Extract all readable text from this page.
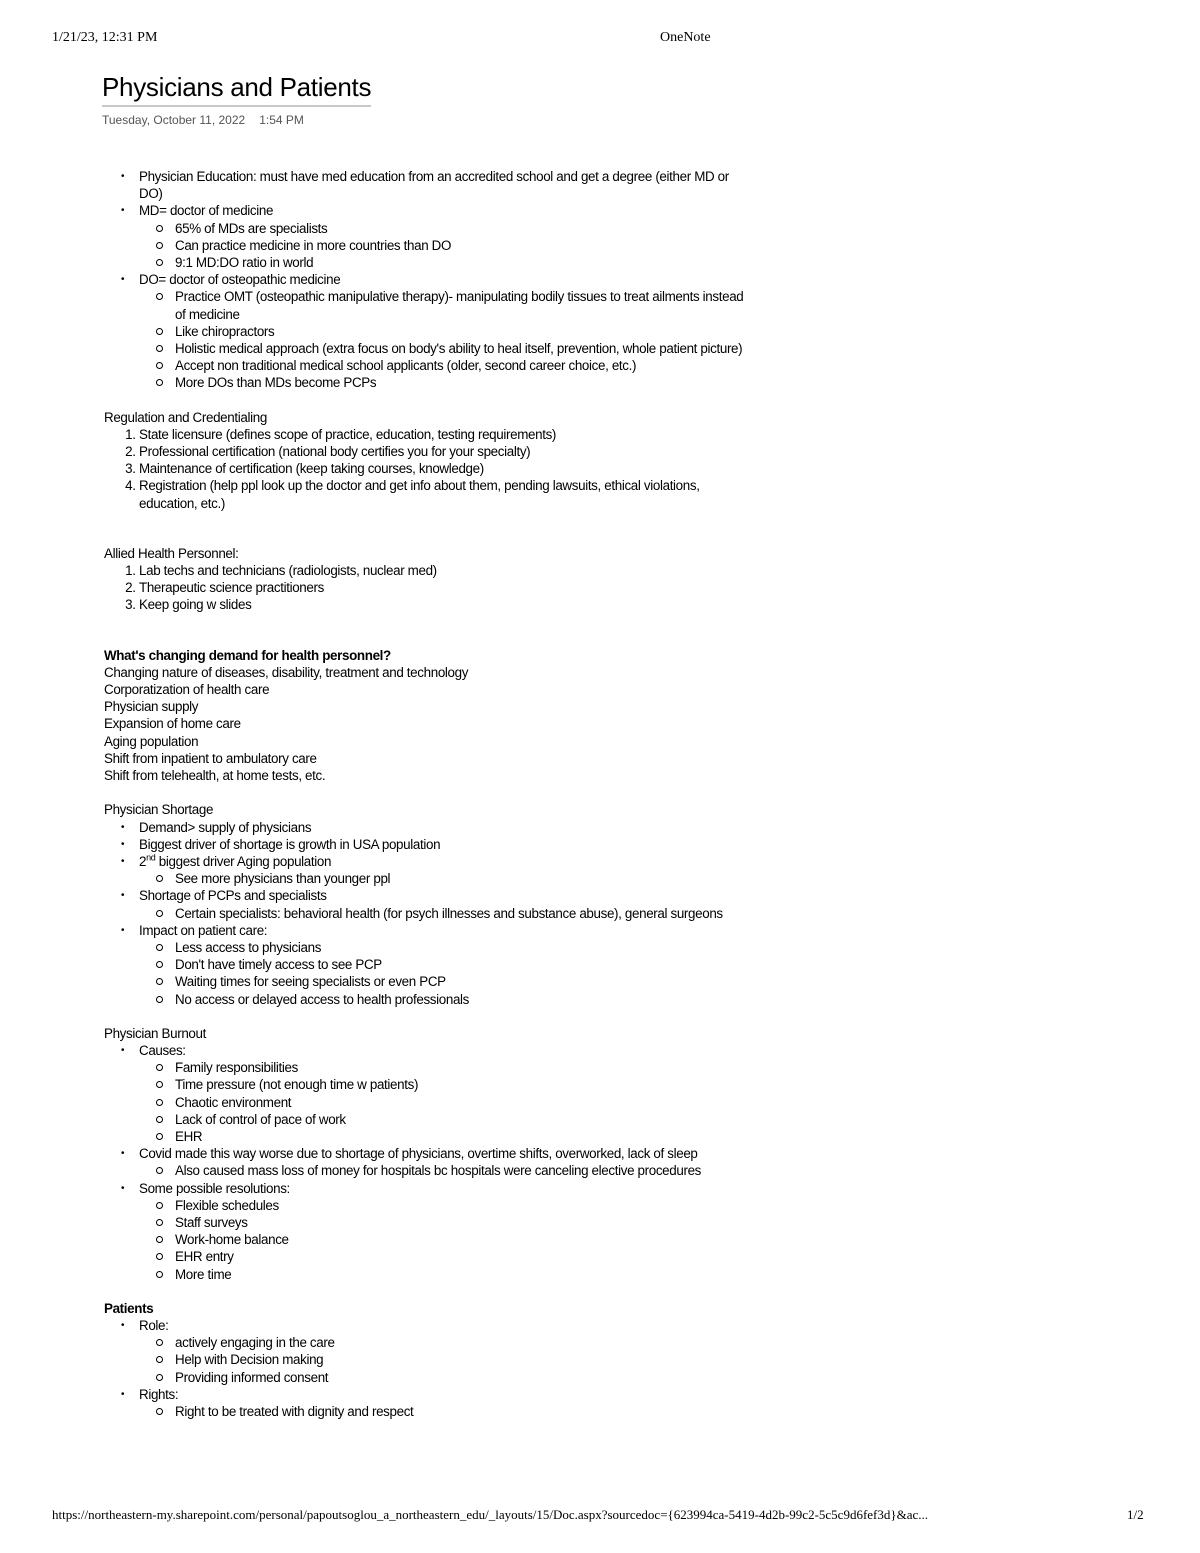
1/21/23, 12:31 PM	OneNote
Physicians and Patients
Tuesday, October 11, 2022 1:54 PM
• Physician Education: must have med education from an accredited school and get a degree (either MD or DO)
• MD= doctor of medicine
65% of MDs are specialists
Can practice medicine in more countries than DO
9:1 MD:DO ratio in world
• DO= doctor of osteopathic medicine
Practice OMT (osteopathic manipulative therapy)- manipulating bodily tissues to treat ailments instead of medicine
Like chiropractors
Holistic medical approach (extra focus on body's ability to heal itself, prevention, whole patient picture)
Accept non traditional medical school applicants (older, second career choice, etc.)
More DOs than MDs become PCPs
Regulation and Credentialing
1. State licensure (defines scope of practice, education, testing requirements)
2. Professional certification (national body certifies you for your specialty)
3. Maintenance of certification (keep taking courses, knowledge)
4. Registration (help ppl look up the doctor and get info about them, pending lawsuits, ethical violations, education, etc.)
Allied Health Personnel:
1. Lab techs and technicians (radiologists, nuclear med)
2. Therapeutic science practitioners
3. Keep going w slides
What's changing demand for health personnel?
Changing nature of diseases, disability, treatment and technology
Corporatization of health care
Physician supply
Expansion of home care
Aging population
Shift from inpatient to ambulatory care
Shift from telehealth, at home tests, etc.
Physician Shortage
• Demand> supply of physicians
• Biggest driver of shortage is growth in USA population
• 2nd biggest driver Aging population
See more physicians than younger ppl
• Shortage of PCPs and specialists
Certain specialists: behavioral health (for psych illnesses and substance abuse), general surgeons
• Impact on patient care:
Less access to physicians
Don't have timely access to see PCP
Waiting times for seeing specialists or even PCP
No access or delayed access to health professionals
Physician Burnout
• Causes:
Family responsibilities
Time pressure (not enough time w patients)
Chaotic environment
Lack of control of pace of work
EHR
• Covid made this way worse due to shortage of physicians, overtime shifts, overworked, lack of sleep
Also caused mass loss of money for hospitals bc hospitals were canceling elective procedures
• Some possible resolutions:
Flexible schedules
Staff surveys
Work-home balance
EHR entry
More time
Patients
• Role:
actively engaging in the care
Help with Decision making
Providing informed consent
• Rights:
Right to be treated with dignity and respect
https://northeastern-my.sharepoint.com/personal/papoutsoglou_a_northeastern_edu/_layouts/15/Doc.aspx?sourcedoc={623994ca-5419-4d2b-99c2-5c5c9d6fef3d}&ac...	1/2
